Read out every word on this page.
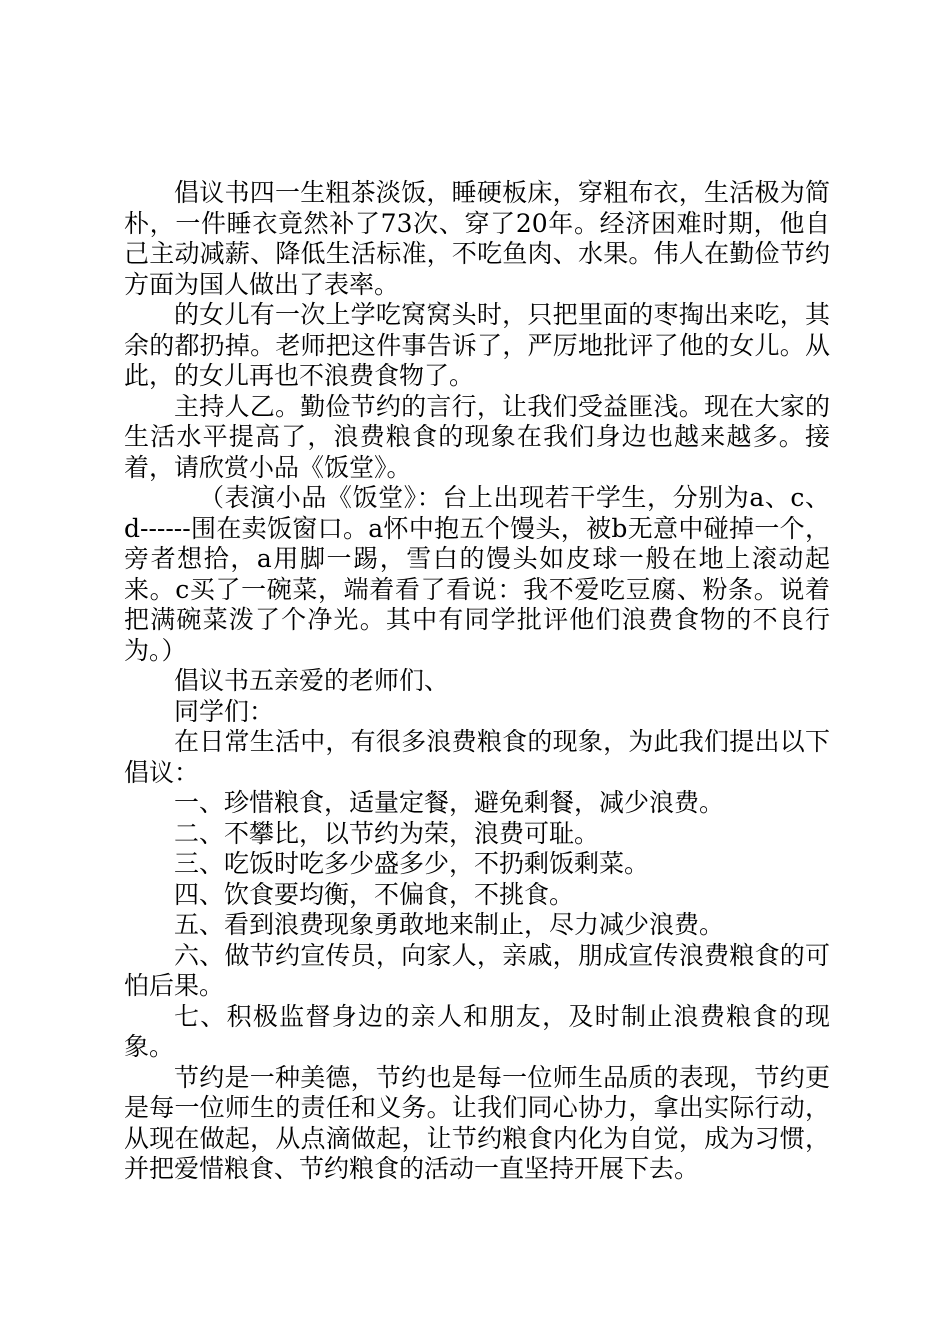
倡议书四一生粗茶淡饭，睡硬板床，穿粗布衣，生活极为简朴，一件睡衣竟然补了73次、穿了20年。经济困难时期，他自己主动减薪、降低生活标准，不吃鱼肉、水果。伟人在勤俭节约方面为国人做出了表率。

的女儿有一次上学吃窝窝头时，只把里面的枣掏出来吃，其余的都扔掉。老师把这件事告诉了，严厉地批评了他的女儿。从此，的女儿再也不浪费食物了。

主持人乙。勤俭节约的言行，让我们受益匪浅。现在大家的生活水平提高了，浪费粮食的现象在我们身边也越来越多。接着，请欣赏小品《饭堂》。

（表演小品《饭堂》：台上出现若干学生，分别为a、c、d------围在卖饭窗口。a怀中抱五个馒头，被b无意中碰掉一个，旁者想拾，a用脚一踢，雪白的馒头如皮球一般在地上滚动起来。c买了一碗菜，端着看了看说：我不爱吃豆腐、粉条。说着把满碗菜泼了个净光。其中有同学批评他们浪费食物的不良行为。）

倡议书五亲爱的老师们、

同学们：

在日常生活中，有很多浪费粮食的现象，为此我们提出以下倡议：

一、珍惜粮食，适量定餐，避免剩餐，减少浪费。

二、不攀比，以节约为荣，浪费可耻。

三、吃饭时吃多少盛多少，不扔剩饭剩菜。

四、饮食要均衡，不偏食，不挑食。

五、看到浪费现象勇敢地来制止，尽力减少浪费。

六、做节约宣传员，向家人，亲戚，朋成宣传浪费粮食的可怕后果。

七、积极监督身边的亲人和朋友，及时制止浪费粮食的现象。

节约是一种美德，节约也是每一位师生品质的表现，节约更是每一位师生的责任和义务。让我们同心协力，拿出实际行动，从现在做起，从点滴做起，让节约粮食内化为自觉，成为习惯，并把爱惜粮食、节约粮食的活动一直坚持开展下去。
